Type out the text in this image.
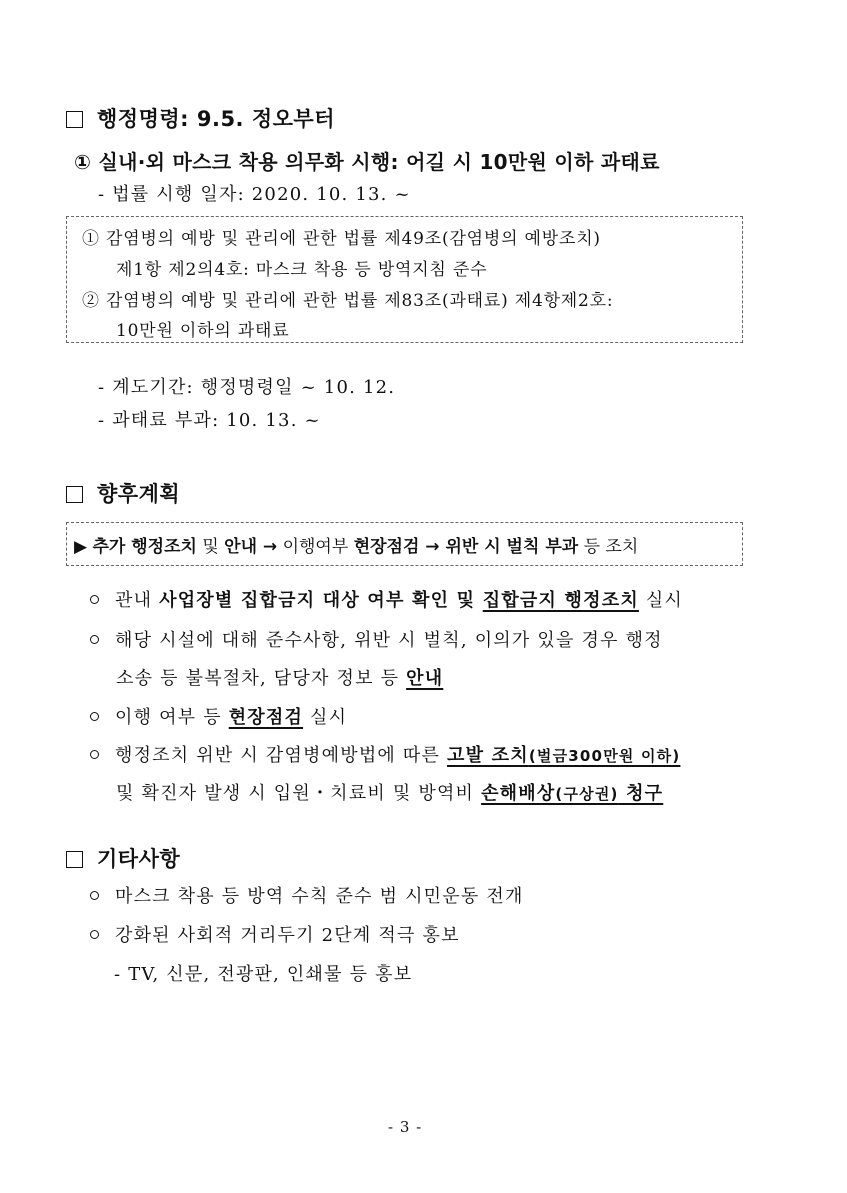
행정명령: 9.5. 정오부터
① 실내·외 마스크 착용 의무화 시행: 어길 시 10만원 이하 과태료
- 법률 시행 일자: 2020. 10. 13. ~
① 감염병의 예방 및 관리에 관한 법률 제49조(감염병의 예방조치)
제1항 제2의4호: 마스크 착용 등 방역지침 준수
② 감염병의 예방 및 관리에 관한 법률 제83조(과태료) 제4항제2호:
10만원 이하의 과태료
- 계도기간: 행정명령일 ~ 10. 12.
- 과태료 부과: 10. 13. ~
향후계획
▶ 추가 행정조치 및 안내 → 이행여부 현장점검 → 위반 시 벌칙 부과 등 조치
관내 사업장별 집합금지 대상 여부 확인 및 집합금지 행정조치 실시
해당 시설에 대해 준수사항, 위반 시 벌칙, 이의가 있을 경우 행정
소송 등 불복절차, 담당자 정보 등 안내
이행 여부 등 현장점검 실시
행정조치 위반 시 감염병예방법에 따른 고발 조치(벌금300만원 이하)
및 확진자 발생 시 입원・치료비 및 방역비 손해배상(구상권) 청구
기타사항
마스크 착용 등 방역 수칙 준수 범 시민운동 전개
강화된 사회적 거리두기 2단계 적극 홍보
- TV, 신문, 전광판, 인쇄물 등 홍보
- 3 -
